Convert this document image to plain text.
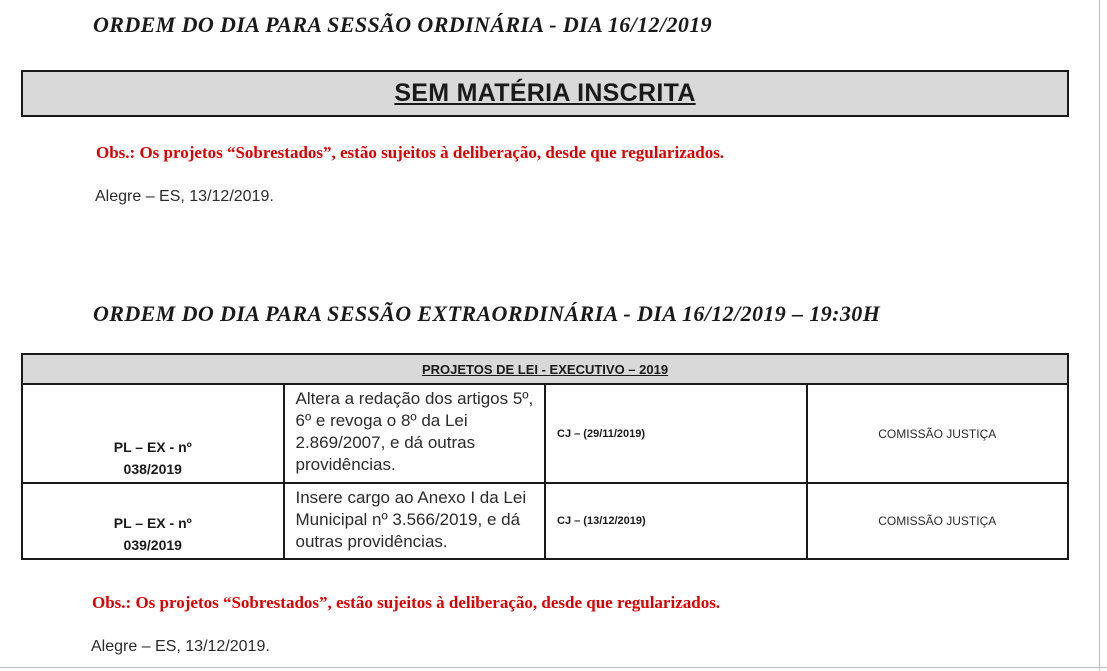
ORDEM DO DIA PARA SESSÃO ORDINÁRIA - DIA 16/12/2019
SEM MATÉRIA INSCRITA

Obs.: Os projetos “Sobrestados”, estão sujeitos à deliberação, desde que regularizados.

Alegre – ES, 13/12/2019.

ORDEM DO DIA PARA SESSÃO EXTRAORDINÁRIA - DIA 16/12/2019 – 19:30H
PROJETOS DE LEI - EXECUTIVO – 2019			

PL – EX - nº
038/2019	Altera a redação dos artigos 5º, 6º e revoga o 8º da Lei 2.869/2007, e dá outras providências.	CJ – (29/11/2019)	COMISSÃO JUSTIÇA

PL – EX - nº
039/2019	Insere cargo ao Anexo I da Lei Municipal nº 3.566/2019, e dá outras providências.	CJ – (13/12/2019)	COMISSÃO JUSTIÇA

Obs.: Os projetos “Sobrestados”, estão sujeitos à deliberação, desde que regularizados.

Alegre – ES, 13/12/2019.
